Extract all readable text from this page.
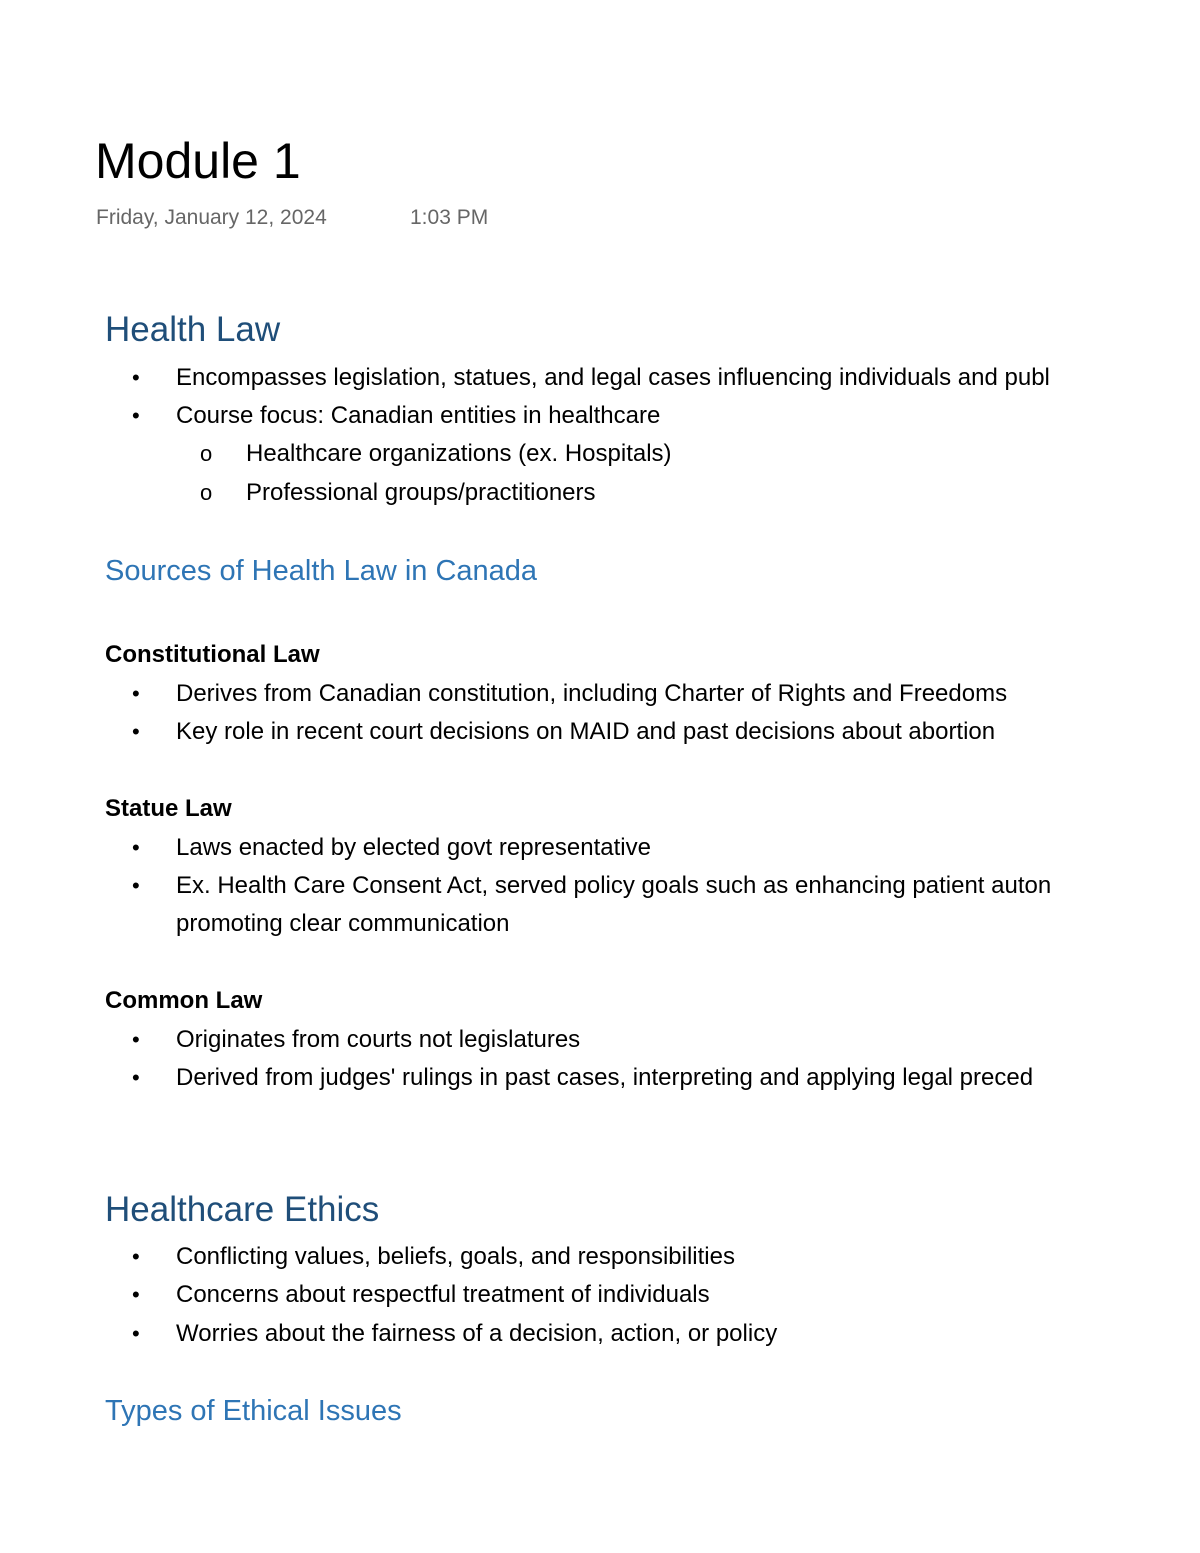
Module 1
Friday, January 12, 2024	1:03 PM
Health Law
• Encompasses legislation, statues, and legal cases influencing individuals and publ
• Course focus: Canadian entities in healthcare
o Healthcare organizations (ex. Hospitals)
o Professional groups/practitioners
Sources of Health Law in Canada
Constitutional Law
• Derives from Canadian constitution, including Charter of Rights and Freedoms
• Key role in recent court decisions on MAID and past decisions about abortion
Statue Law
• Laws enacted by elected govt representative
• Ex. Health Care Consent Act, served policy goals such as enhancing patient auton
promoting clear communication
Common Law
• Originates from courts not legislatures
• Derived from judges' rulings in past cases, interpreting and applying legal preced
Healthcare Ethics
• Conflicting values, beliefs, goals, and responsibilities
• Concerns about respectful treatment of individuals
• Worries about the fairness of a decision, action, or policy
Types of Ethical Issues
